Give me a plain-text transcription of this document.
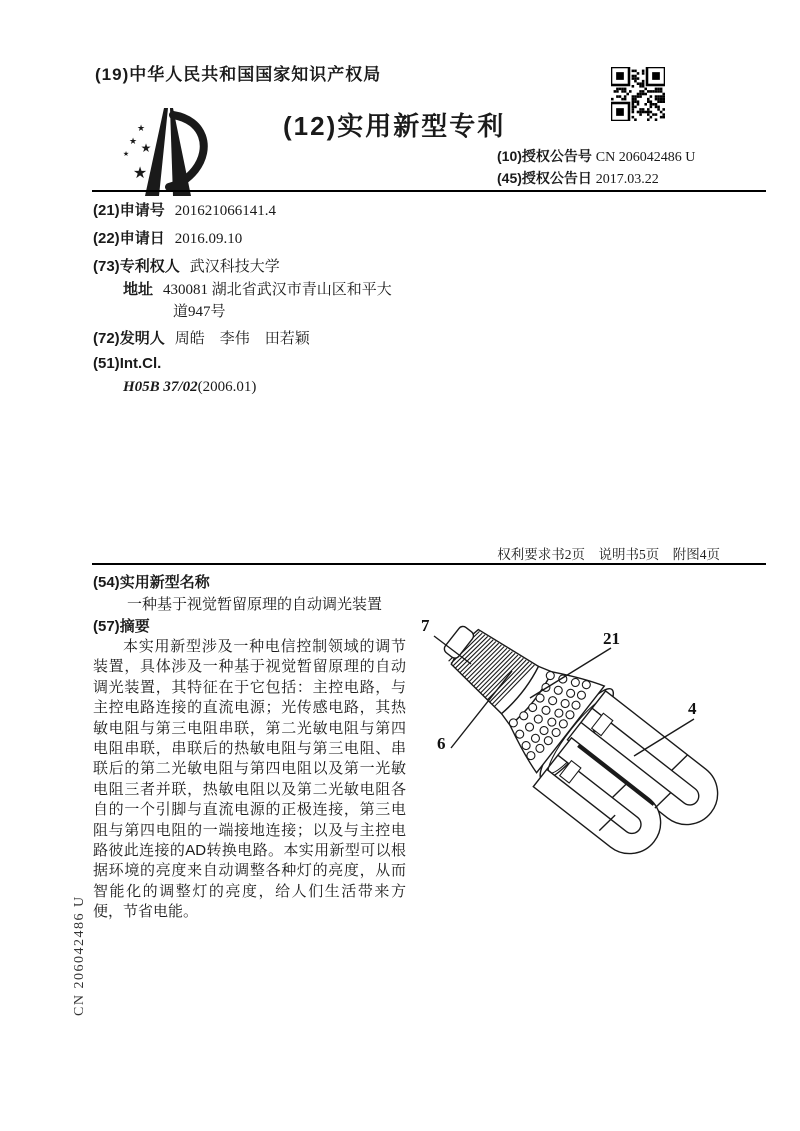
(19)中华人民共和国国家知识产权局
★
★
★ ★
★
(12)实用新型专利
(10)授权公告号 CN 206042486 U
(45)授权公告日 2017.03.22
(21)申请号 201621066141.4
(22)申请日 2016.09.10
(73)专利权人 武汉科技大学
地址 430081 湖北省武汉市青山区和平大
道947号
(72)发明人 周皓　李伟　田若颖
(51)Int.Cl.
H05B 37/02(2006.01)
权利要求书2页　说明书5页　附图4页
(54)实用新型名称
一种基于视觉暂留原理的自动调光装置
(57)摘要
本实用新型涉及一种电信控制领域的调节装置，具体涉及一种基于视觉暂留原理的自动调光装置，其特征在于它包括：主控电路，与主控电路连接的直流电源；光传感电路，其热敏电阻与第三电阻串联，第二光敏电阻与第四电阻串联，串联后的热敏电阻与第三电阻、串联后的第二光敏电阻与第四电阻以及第一光敏电阻三者并联，热敏电阻以及第二光敏电阻各自的一个引脚与直流电源的正极连接，第三电阻与第四电阻的一端接地连接；以及与主控电路彼此连接的AD转换电路。本实用新型可以根据环境的亮度来自动调整各种灯的亮度，从而智能化的调整灯的亮度，给人们生活带来方便，节省电能。
7
21
6
4
CN 206042486 U
